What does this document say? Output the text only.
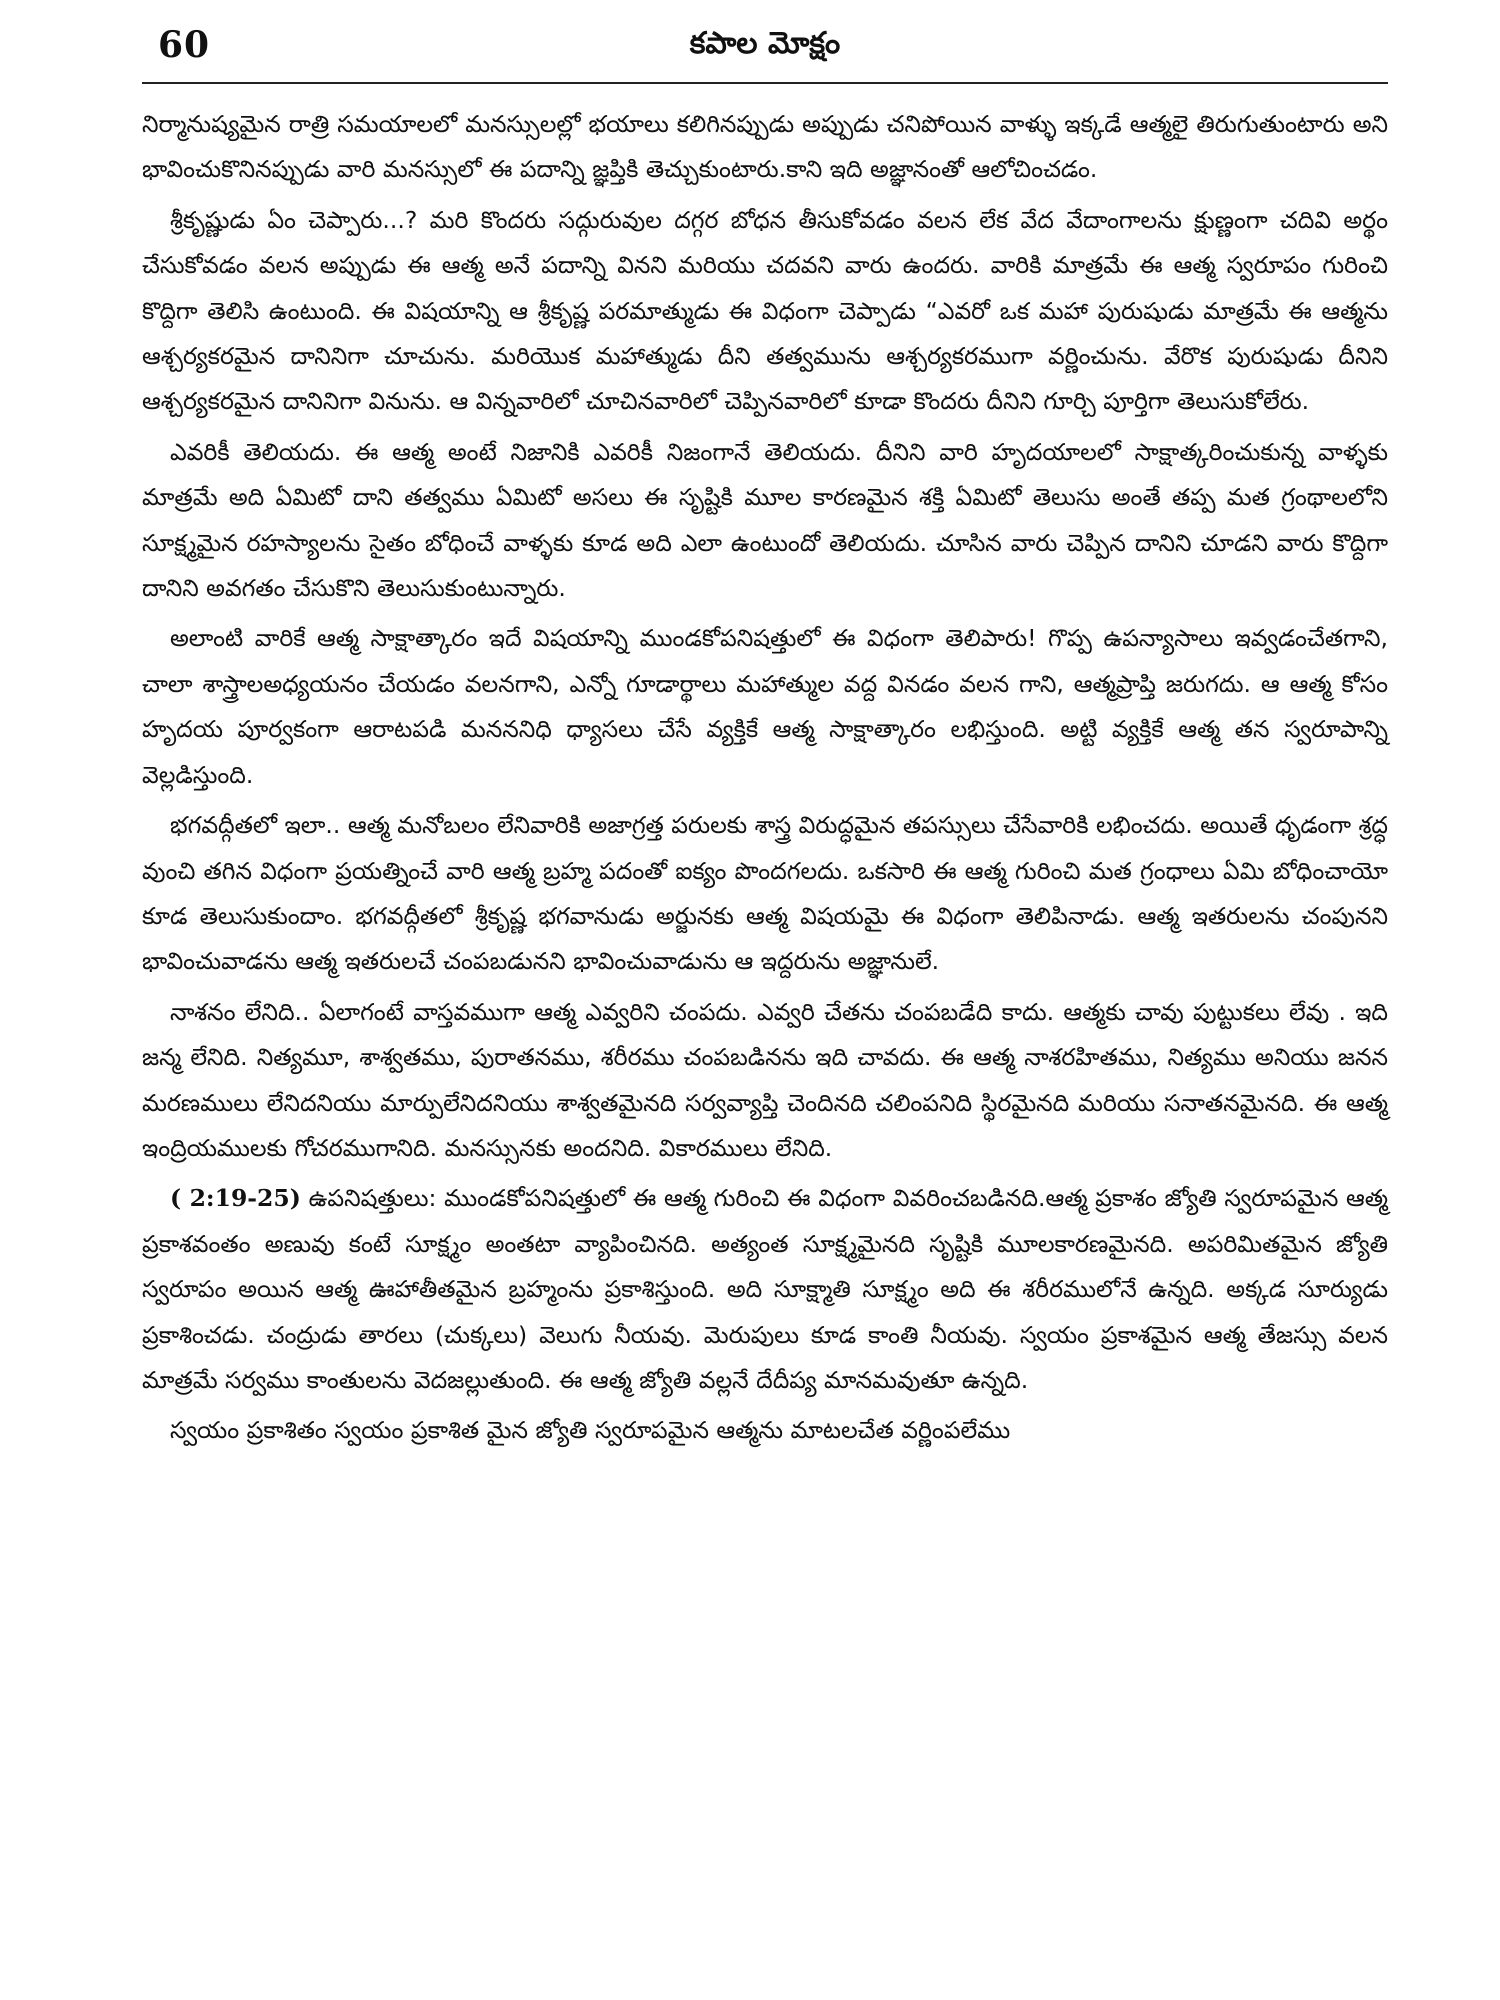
60	కపాల మోక్షం

నిర్మానుష్యమైన రాత్రి సమయాలలో మనస్సులల్లో భయాలు కలిగినప్పుడు అప్పుడు చనిపోయిన వాళ్ళు ఇక్కడే ఆత్మలై తిరుగుతుంటారు అని భావించుకొనినప్పుడు వారి మనస్సులో ఈ పదాన్ని జ్ఞప్తికి తెచ్చుకుంటారు.కాని ఇది అజ్ఞానంతో ఆలోచించడం.

శ్రీకృష్ణుడు ఏం చెప్పారు...? మరి కొందరు సద్గురువుల దగ్గర బోధన తీసుకోవడం వలన లేక వేద వేదాంగాలను క్షుణ్ణంగా చదివి అర్థం చేసుకోవడం వలన అప్పుడు ఈ ఆత్మ అనే పదాన్ని వినని మరియు చదవని వారు ఉందరు. వారికి మాత్రమే ఈ ఆత్మ స్వరూపం గురించి కొద్దిగా తెలిసి ఉంటుంది. ఈ విషయాన్ని ఆ శ్రీకృష్ణ పరమాత్ముడు ఈ విధంగా చెప్పాడు “ఎవరో ఒక మహా పురుషుడు మాత్రమే ఈ ఆత్మను ఆశ్చర్యకరమైన దానినిగా చూచును. మరియొక మహాత్ముడు దీని తత్వమును ఆశ్చర్యకరముగా వర్ణించును. వేరొక పురుషుడు దీనిని ఆశ్చర్యకరమైన దానినిగా వినును. ఆ విన్నవారిలో చూచినవారిలో చెప్పినవారిలో కూడా కొందరు దీనిని గూర్చి పూర్తిగా తెలుసుకోలేరు.

ఎవరికీ తెలియదు. ఈ ఆత్మ అంటే నిజానికి ఎవరికీ నిజంగానే తెలియదు. దీనిని వారి హృదయాలలో సాక్షాత్కరించుకున్న వాళ్ళకు మాత్రమే అది ఏమిటో దాని తత్వము ఏమిటో అసలు ఈ సృష్టికి మూల కారణమైన శక్తి ఏమిటో తెలుసు అంతే తప్ప మత గ్రంథాలలోని సూక్ష్మమైన రహస్యాలను సైతం బోధించే వాళ్ళకు కూడ అది ఎలా ఉంటుందో తెలియదు. చూసిన వారు చెప్పిన దానిని చూడని వారు కొద్దిగా దానిని అవగతం చేసుకొని తెలుసుకుంటున్నారు.

అలాంటి వారికే ఆత్మ సాక్షాత్కారం ఇదే విషయాన్ని ముండకోపనిషత్తులో ఈ విధంగా తెలిపారు! గొప్ప ఉపన్యాసాలు ఇవ్వడంచేతగాని, చాలా శాస్త్రాలఅధ్యయనం చేయడం వలనగాని, ఎన్నో గూడార్థాలు మహాత్ముల వద్ద వినడం వలన గాని, ఆత్మప్రాప్తి జరుగదు. ఆ ఆత్మ కోసం హృదయ పూర్వకంగా ఆరాటపడి మనననిధి ధ్యాసలు చేసే వ్యక్తికే ఆత్మ సాక్షాత్కారం లభిస్తుంది. అట్టి వ్యక్తికే ఆత్మ తన స్వరూపాన్ని వెల్లడిస్తుంది.

భగవద్గీతలో ఇలా.. ఆత్మ మనోబలం లేనివారికి అజాగ్రత్త పరులకు శాస్త్ర విరుద్ధమైన తపస్సులు చేసేవారికి లభించదు. అయితే ధృడంగా శ్రద్ధ వుంచి తగిన విధంగా ప్రయత్నించే వారి ఆత్మ బ్రహ్మ పదంతో ఐక్యం పొందగలదు. ఒకసారి ఈ ఆత్మ గురించి మత గ్రంధాలు ఏమి బోధించాయో కూడ తెలుసుకుందాం. భగవద్గీతలో శ్రీకృష్ణ భగవానుడు అర్జునకు ఆత్మ విషయమై ఈ విధంగా తెలిపినాడు. ఆత్మ ఇతరులను చంపునని భావించువాడను ఆత్మ ఇతరులచే చంపబడునని భావించువాడును ఆ ఇద్దరును అజ్ఞానులే.

నాశనం లేనిది.. ఏలాగంటే వాస్తవముగా ఆత్మ ఎవ్వరిని చంపదు. ఎవ్వరి చేతను చంపబడేది కాదు. ఆత్మకు చావు పుట్టుకలు లేవు . ఇది జన్మ లేనిది. నిత్యమూ, శాశ్వతము, పురాతనము, శరీరము చంపబడినను ఇది చావదు. ఈ ఆత్మ నాశరహితము, నిత్యము అనియు జనన మరణములు లేనిదనియు మార్పులేనిదనియు శాశ్వతమైనది సర్వవ్యాప్తి చెందినది చలింపనిది స్థిరమైనది మరియు సనాతనమైనది. ఈ ఆత్మ ఇంద్రియములకు గోచరముగానిది. మనస్సునకు అందనిది. వికారములు లేనిది.

( 2:19-25) ఉపనిషత్తులు: ముండకోపనిషత్తులో ఈ ఆత్మ గురించి ఈ విధంగా వివరించబడినది.ఆత్మ ప్రకాశం జ్యోతి స్వరూపమైన ఆత్మ ప్రకాశవంతం అణువు కంటే సూక్ష్మం అంతటా వ్యాపించినది. అత్యంత సూక్ష్మమైనది సృష్టికి మూలకారణమైనది. అపరిమితమైన జ్యోతి స్వరూపం అయిన ఆత్మ ఊహాతీతమైన బ్రహ్మంను ప్రకాశిస్తుంది. అది సూక్ష్మాతి సూక్ష్మం అది ఈ శరీరములోనే ఉన్నది. అక్కడ సూర్యుడు ప్రకాశించడు. చంద్రుడు తారలు (చుక్కలు) వెలుగు నీయవు. మెరుపులు కూడ కాంతి నీయవు. స్వయం ప్రకాశమైన ఆత్మ తేజస్సు వలన మాత్రమే సర్వము కాంతులను వెదజల్లుతుంది. ఈ ఆత్మ జ్యోతి వల్లనే దేదీప్య మానమవుతూ ఉన్నది.

స్వయం ప్రకాశితం స్వయం ప్రకాశిత మైన జ్యోతి స్వరూపమైన ఆత్మను మాటలచేత వర్ణింపలేము
